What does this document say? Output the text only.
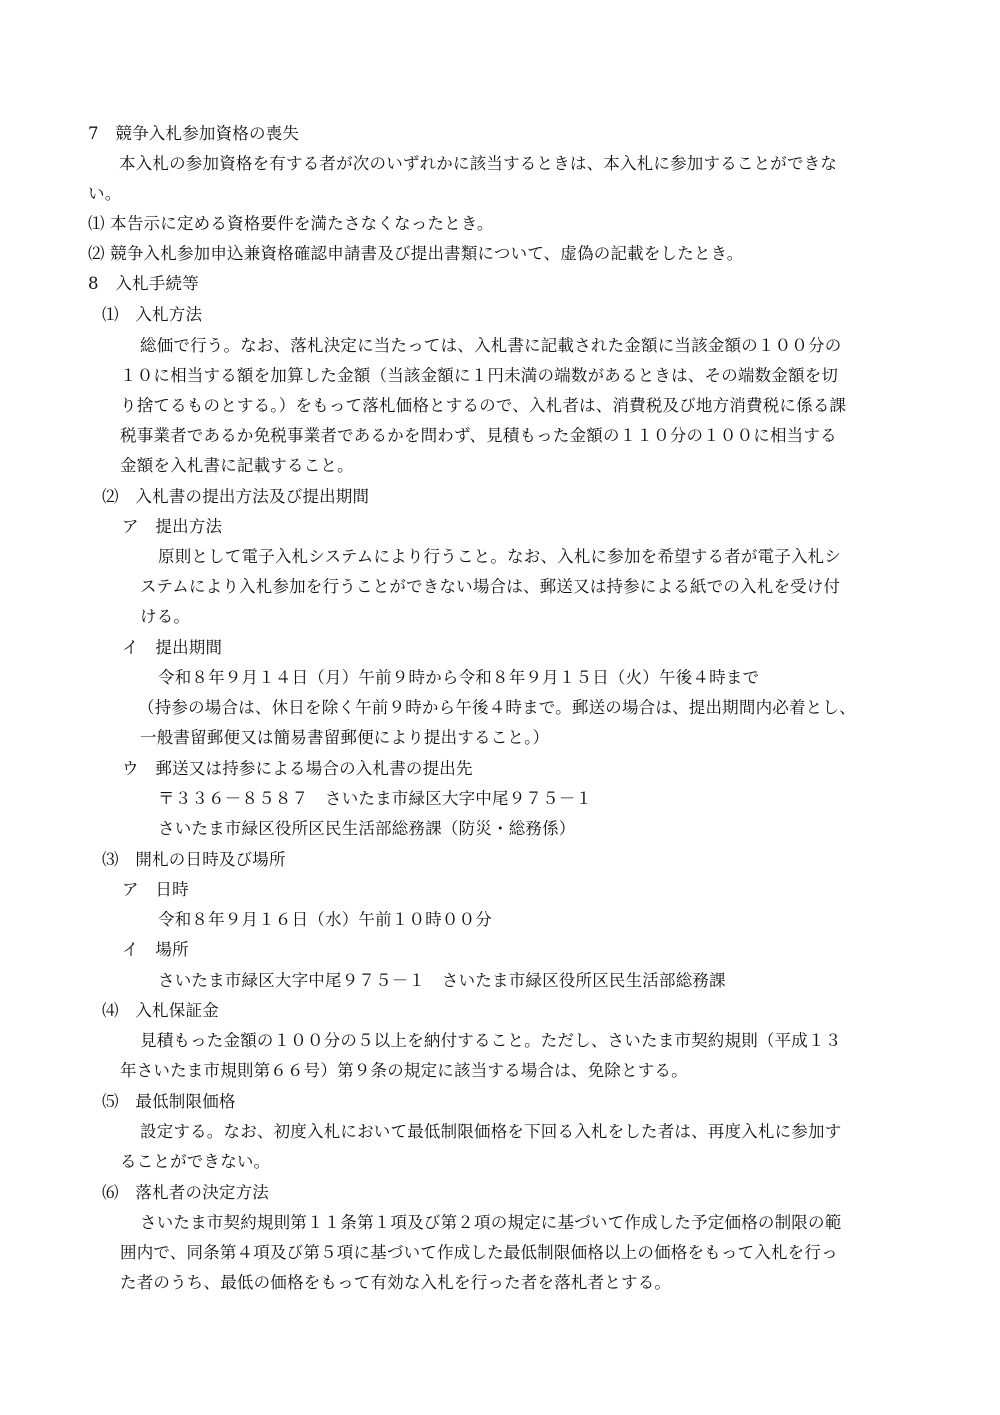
7　競争入札参加資格の喪失
本入札の参加資格を有する者が次のいずれかに該当するときは、本入札に参加することができな
い。
⑴ 本告示に定める資格要件を満たさなくなったとき。
⑵ 競争入札参加申込兼資格確認申請書及び提出書類について、虚偽の記載をしたとき。
8　入札手続等
⑴　入札方法
総価で行う。なお、落札決定に当たっては、入札書に記載された金額に当該金額の１００分の
１０に相当する額を加算した金額（当該金額に１円未満の端数があるときは、その端数金額を切
り捨てるものとする。）をもって落札価格とするので、入札者は、消費税及び地方消費税に係る課
税事業者であるか免税事業者であるかを問わず、見積もった金額の１１０分の１００に相当する
金額を入札書に記載すること。
⑵　入札書の提出方法及び提出期間
ア　提出方法
原則として電子入札システムにより行うこと。なお、入札に参加を希望する者が電子入札シ
ステムにより入札参加を行うことができない場合は、郵送又は持参による紙での入札を受け付
ける。
イ　提出期間
令和８年９月１４日（月）午前９時から令和８年９月１５日（火）午後４時まで
（持参の場合は、休日を除く午前９時から午後４時まで。郵送の場合は、提出期間内必着とし、
一般書留郵便又は簡易書留郵便により提出すること。）
ウ　郵送又は持参による場合の入札書の提出先
〒３３６－８５８７　さいたま市緑区大字中尾９７５－１
さいたま市緑区役所区民生活部総務課（防災・総務係）
⑶　開札の日時及び場所
ア　日時
令和８年９月１６日（水）午前１０時００分
イ　場所
さいたま市緑区大字中尾９７５－１　さいたま市緑区役所区民生活部総務課
⑷　入札保証金
見積もった金額の１００分の５以上を納付すること。ただし、さいたま市契約規則（平成１３
年さいたま市規則第６６号）第９条の規定に該当する場合は、免除とする。
⑸　最低制限価格
設定する。なお、初度入札において最低制限価格を下回る入札をした者は、再度入札に参加す
ることができない。
⑹　落札者の決定方法
さいたま市契約規則第１１条第１項及び第２項の規定に基づいて作成した予定価格の制限の範
囲内で、同条第４項及び第５項に基づいて作成した最低制限価格以上の価格をもって入札を行っ
た者のうち、最低の価格をもって有効な入札を行った者を落札者とする。
